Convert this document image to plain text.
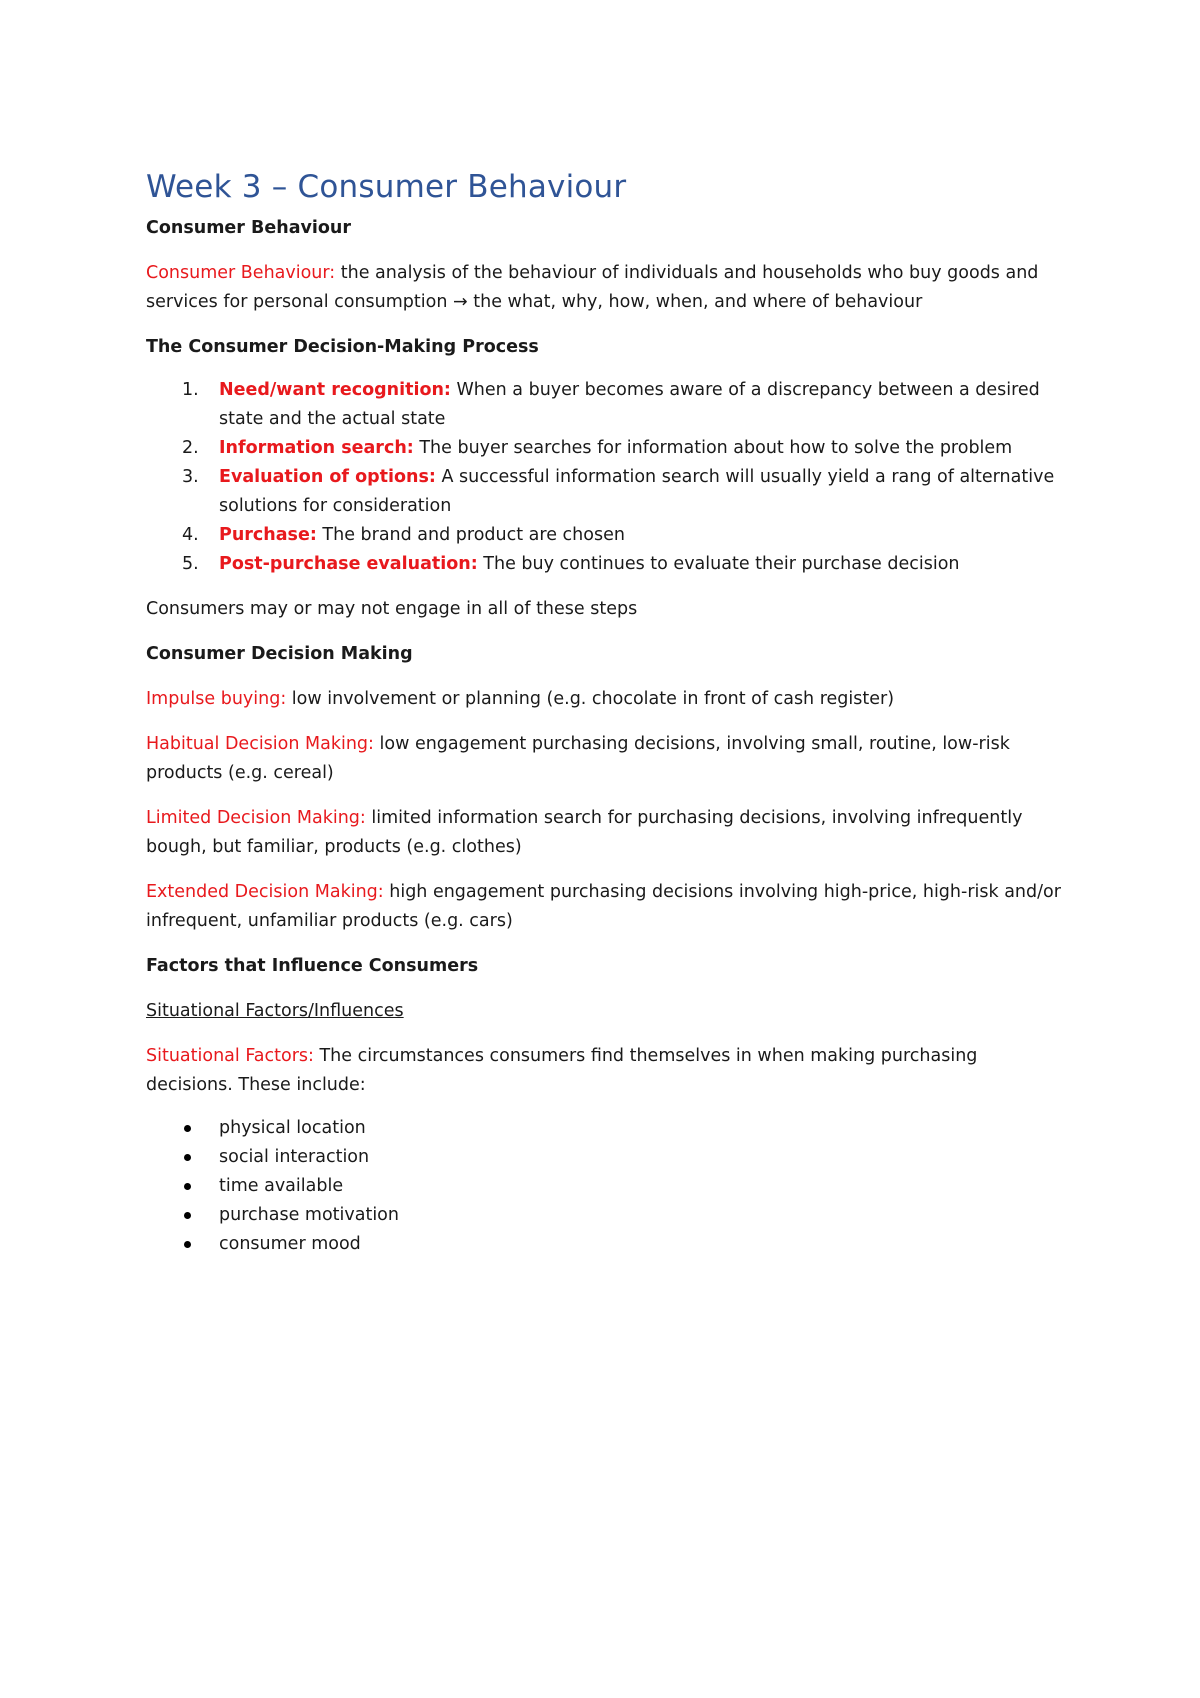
Week 3 – Consumer Behaviour

Consumer Behaviour

Consumer Behaviour: the analysis of the behaviour of individuals and households who buy goods and services for personal consumption → the what, why, how, when, and where of behaviour

The Consumer Decision-Making Process

1. Need/want recognition: When a buyer becomes aware of a discrepancy between a desired state and the actual state
2. Information search: The buyer searches for information about how to solve the problem
3. Evaluation of options: A successful information search will usually yield a rang of alternative solutions for consideration
4. Purchase: The brand and product are chosen
5. Post-purchase evaluation: The buy continues to evaluate their purchase decision

Consumers may or may not engage in all of these steps

Consumer Decision Making

Impulse buying: low involvement or planning (e.g. chocolate in front of cash register)

Habitual Decision Making: low engagement purchasing decisions, involving small, routine, low-risk products (e.g. cereal)

Limited Decision Making: limited information search for purchasing decisions, involving infrequently bough, but familiar, products (e.g. clothes)

Extended Decision Making: high engagement purchasing decisions involving high-price, high-risk and/or infrequent, unfamiliar products (e.g. cars)

Factors that Influence Consumers

Situational Factors/Influences

Situational Factors: The circumstances consumers find themselves in when making purchasing decisions. These include:

physical location
social interaction
time available
purchase motivation
consumer mood
